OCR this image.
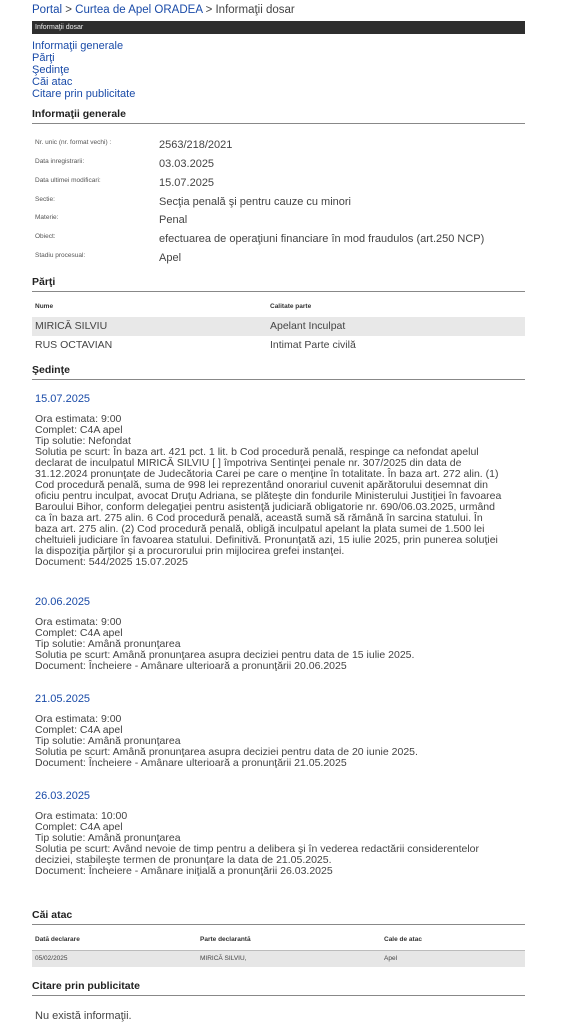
Portal > Curtea de Apel ORADEA > Informaţii dosar
Informaţii dosar
Informaţii generale
Părţi
Şedinţe
Căi atac
Citare prin publicitate
Informaţii generale
Nr. unic (nr. format vechi) :	2563/218/2021
Data inregistrarii:	03.03.2025
Data ultimei modificari:	15.07.2025
Sectie:	Secţia penală şi pentru cauze cu minori
Materie:	Penal
Obiect:	efectuarea de operaţiuni financiare în mod fraudulos (art.250 NCP)
Stadiu procesual:	Apel
Părţi
Nume	Calitate parte
MIRICĂ SILVIU	Apelant Inculpat
RUS OCTAVIAN	Intimat Parte civilă
Şedinţe
15.07.2025
Ora estimata: 9:00
Complet: C4A apel
Tip solutie: Nefondat
Solutia pe scurt: În baza art. 421 pct. 1 lit. b Cod procedură penală, respinge ca nefondat apelul
declarat de inculpatul MIRICĂ SILVIU [ ] împotriva Sentinţei penale nr. 307/2025 din data de
31.12.2024 pronunţate de Judecătoria Carei pe care o menţine în totalitate. În baza art. 272 alin. (1)
Cod procedură penală, suma de 998 lei reprezentând onorariul cuvenit apărătorului desemnat din
oficiu pentru inculpat, avocat Druţu Adriana, se plăteşte din fondurile Ministerului Justiţiei în favoarea
Baroului Bihor, conform delegaţiei pentru asistenţă judiciară obligatorie nr. 690/06.03.2025, urmând
ca în baza art. 275 alin. 6 Cod procedură penală, această sumă să rămână în sarcina statului. În
baza art. 275 alin. (2) Cod procedură penală, obligă inculpatul apelant la plata sumei de 1.500 lei
cheltuieli judiciare în favoarea statului. Definitivă. Pronunţată azi, 15 iulie 2025, prin punerea soluţiei
la dispoziţia părţilor şi a procurorului prin mijlocirea grefei instanţei.
Document: 544/2025 15.07.2025
20.06.2025
Ora estimata: 9:00
Complet: C4A apel
Tip solutie: Amână pronunţarea
Solutia pe scurt: Amână pronunţarea asupra deciziei pentru data de 15 iulie 2025.
Document: Încheiere - Amânare ulterioară a pronunţării 20.06.2025
21.05.2025
Ora estimata: 9:00
Complet: C4A apel
Tip solutie: Amână pronunţarea
Solutia pe scurt: Amână pronunţarea asupra deciziei pentru data de 20 iunie 2025.
Document: Încheiere - Amânare ulterioară a pronunţării 21.05.2025
26.03.2025
Ora estimata: 10:00
Complet: C4A apel
Tip solutie: Amână pronunţarea
Solutia pe scurt: Având nevoie de timp pentru a delibera şi în vederea redactării considerentelor
deciziei, stabileşte termen de pronunţare la data de 21.05.2025.
Document: Încheiere - Amânare iniţială a pronunţării 26.03.2025
Căi atac
Dată declarare	Parte declarantă	Cale de atac
05/02/2025	MIRICĂ SILVIU,	Apel
Citare prin publicitate
Nu există informaţii.
